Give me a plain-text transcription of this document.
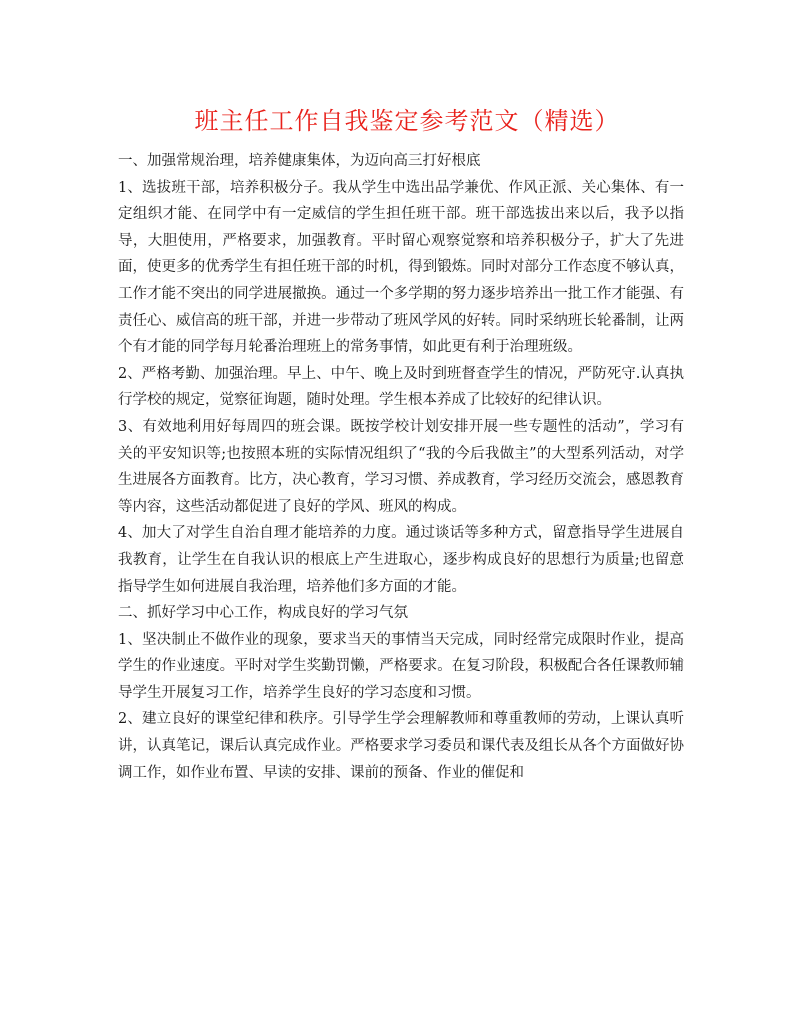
班主任工作自我鉴定参考范文（精选）

一、加强常规治理，培养健康集体，为迈向高三打好根底

1、选拔班干部，培养积极分子。我从学生中选出品学兼优、作风正派、关心集体、有一定组织才能、在同学中有一定威信的学生担任班干部。班干部选拔出来以后，我予以指导，大胆使用，严格要求，加强教育。平时留心观察觉察和培养积极分子，扩大了先进面，使更多的优秀学生有担任班干部的时机，得到锻炼。同时对部分工作态度不够认真，工作才能不突出的同学进展撤换。通过一个多学期的努力逐步培养出一批工作才能强、有责任心、威信高的班干部，并进一步带动了班风学风的好转。同时采纳班长轮番制，让两个有才能的同学每月轮番治理班上的常务事情，如此更有利于治理班级。

2、严格考勤、加强治理。早上、中午、晚上及时到班督查学生的情况，严防死守.认真执行学校的规定，觉察征询题，随时处理。学生根本养成了比较好的纪律认识。

3、有效地利用好每周四的班会课。既按学校计划安排开展一些专题性的活动”，学习有关的平安知识等;也按照本班的实际情况组织了“我的今后我做主”的大型系列活动，对学生进展各方面教育。比方，决心教育，学习习惯、养成教育，学习经历交流会，感恩教育等内容，这些活动都促进了良好的学风、班风的构成。

4、加大了对学生自治自理才能培养的力度。通过谈话等多种方式，留意指导学生进展自我教育，让学生在自我认识的根底上产生进取心，逐步构成良好的思想行为质量;也留意指导学生如何进展自我治理，培养他们多方面的才能。

二、抓好学习中心工作，构成良好的学习气氛

1、坚决制止不做作业的现象，要求当天的事情当天完成，同时经常完成限时作业，提高学生的作业速度。平时对学生奖勤罚懒，严格要求。在复习阶段，积极配合各任课教师辅导学生开展复习工作，培养学生良好的学习态度和习惯。

2、建立良好的课堂纪律和秩序。引导学生学会理解教师和尊重教师的劳动，上课认真听讲，认真笔记，课后认真完成作业。严格要求学习委员和课代表及组长从各个方面做好协调工作，如作业布置、早读的安排、课前的预备、作业的催促和
